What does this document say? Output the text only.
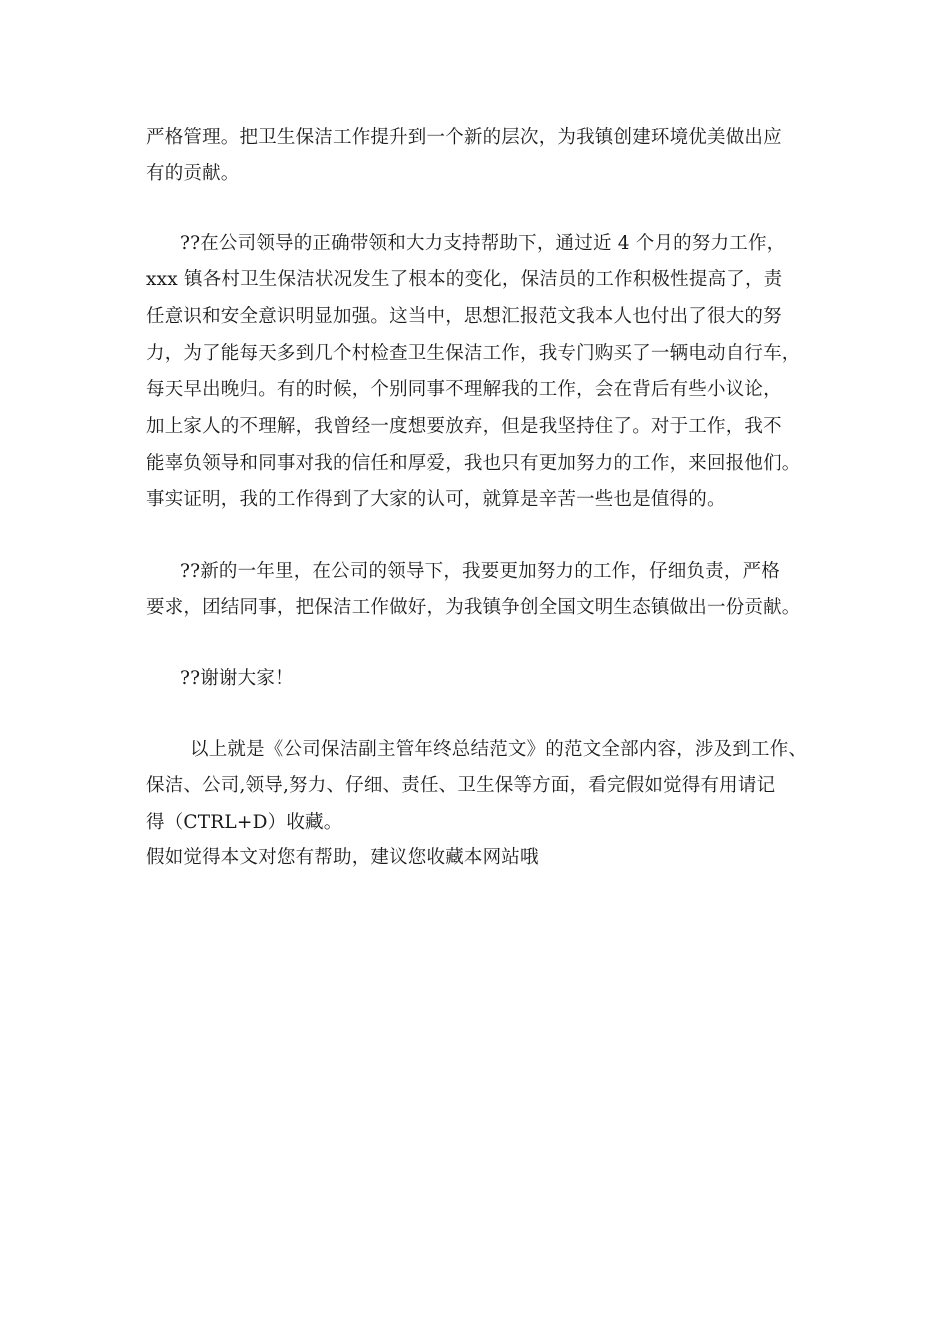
严格管理。把卫生保洁工作提升到一个新的层次，为我镇创建环境优美做出应
有的贡献。
??在公司领导的正确带领和大力支持帮助下，通过近 4 个月的努力工作，
xxx 镇各村卫生保洁状况发生了根本的变化，保洁员的工作积极性提高了，责
任意识和安全意识明显加强。这当中，思想汇报范文我本人也付出了很大的努
力，为了能每天多到几个村检查卫生保洁工作，我专门购买了一辆电动自行车，
每天早出晚归。有的时候，个别同事不理解我的工作，会在背后有些小议论，
加上家人的不理解，我曾经一度想要放弃，但是我坚持住了。对于工作，我不
能辜负领导和同事对我的信任和厚爱，我也只有更加努力的工作，来回报他们。
事实证明，我的工作得到了大家的认可，就算是辛苦一些也是值得的。
??新的一年里，在公司的领导下，我要更加努力的工作，仔细负责，严格
要求，团结同事，把保洁工作做好，为我镇争创全国文明生态镇做出一份贡献。
??谢谢大家！
以上就是《公司保洁副主管年终总结范文》的范文全部内容，涉及到工作、
保洁、公司,领导,努力、仔细、责任、卫生保等方面，看完假如觉得有用请记
得（CTRL+D）收藏。
假如觉得本文对您有帮助，建议您收藏本网站哦
